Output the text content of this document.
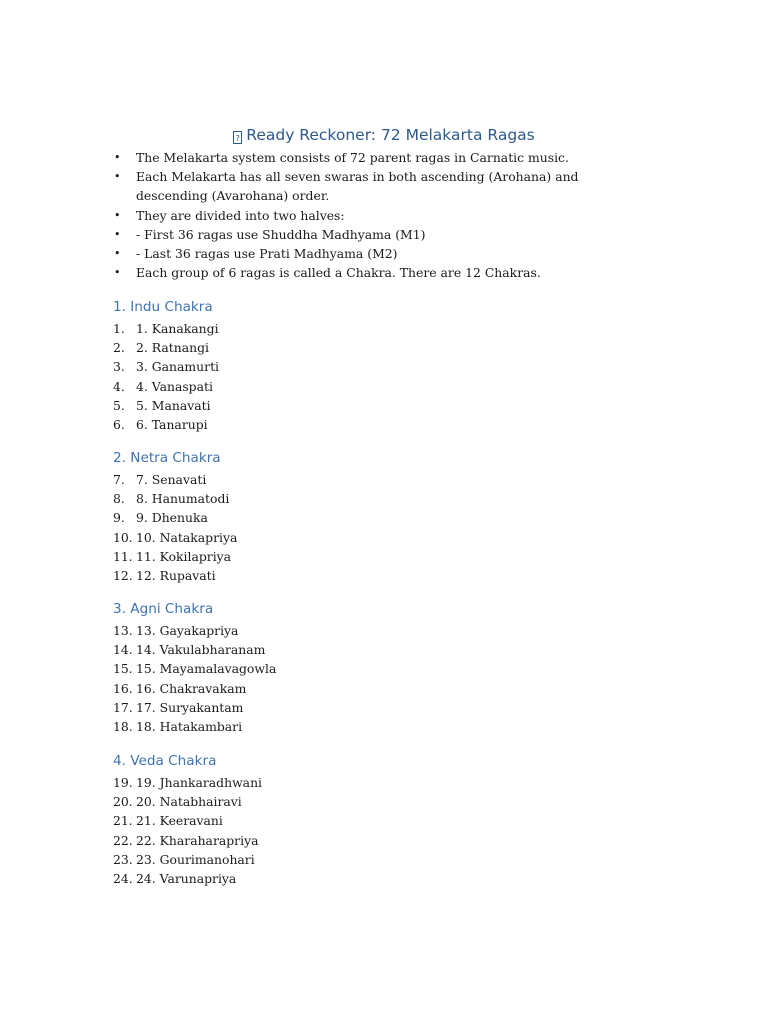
? Ready Reckoner: 72 Melakarta Ragas
• The Melakarta system consists of 72 parent ragas in Carnatic music.
• Each Melakarta has all seven swaras in both ascending (Arohana) and descending (Avarohana) order.
• They are divided into two halves:
• - First 36 ragas use Shuddha Madhyama (M1)
• - Last 36 ragas use Prati Madhyama (M2)
• Each group of 6 ragas is called a Chakra. There are 12 Chakras.
1. Indu Chakra
1. 1. Kanakangi
2. 2. Ratnangi
3. 3. Ganamurti
4. 4. Vanaspati
5. 5. Manavati
6. 6. Tanarupi
2. Netra Chakra
7. 7. Senavati
8. 8. Hanumatodi
9. 9. Dhenuka
10. 10. Natakapriya
11. 11. Kokilapriya
12. 12. Rupavati
3. Agni Chakra
13. 13. Gayakapriya
14. 14. Vakulabharanam
15. 15. Mayamalavagowla
16. 16. Chakravakam
17. 17. Suryakantam
18. 18. Hatakambari
4. Veda Chakra
19. 19. Jhankaradhwani
20. 20. Natabhairavi
21. 21. Keeravani
22. 22. Kharaharapriya
23. 23. Gourimanohari
24. 24. Varunapriya
